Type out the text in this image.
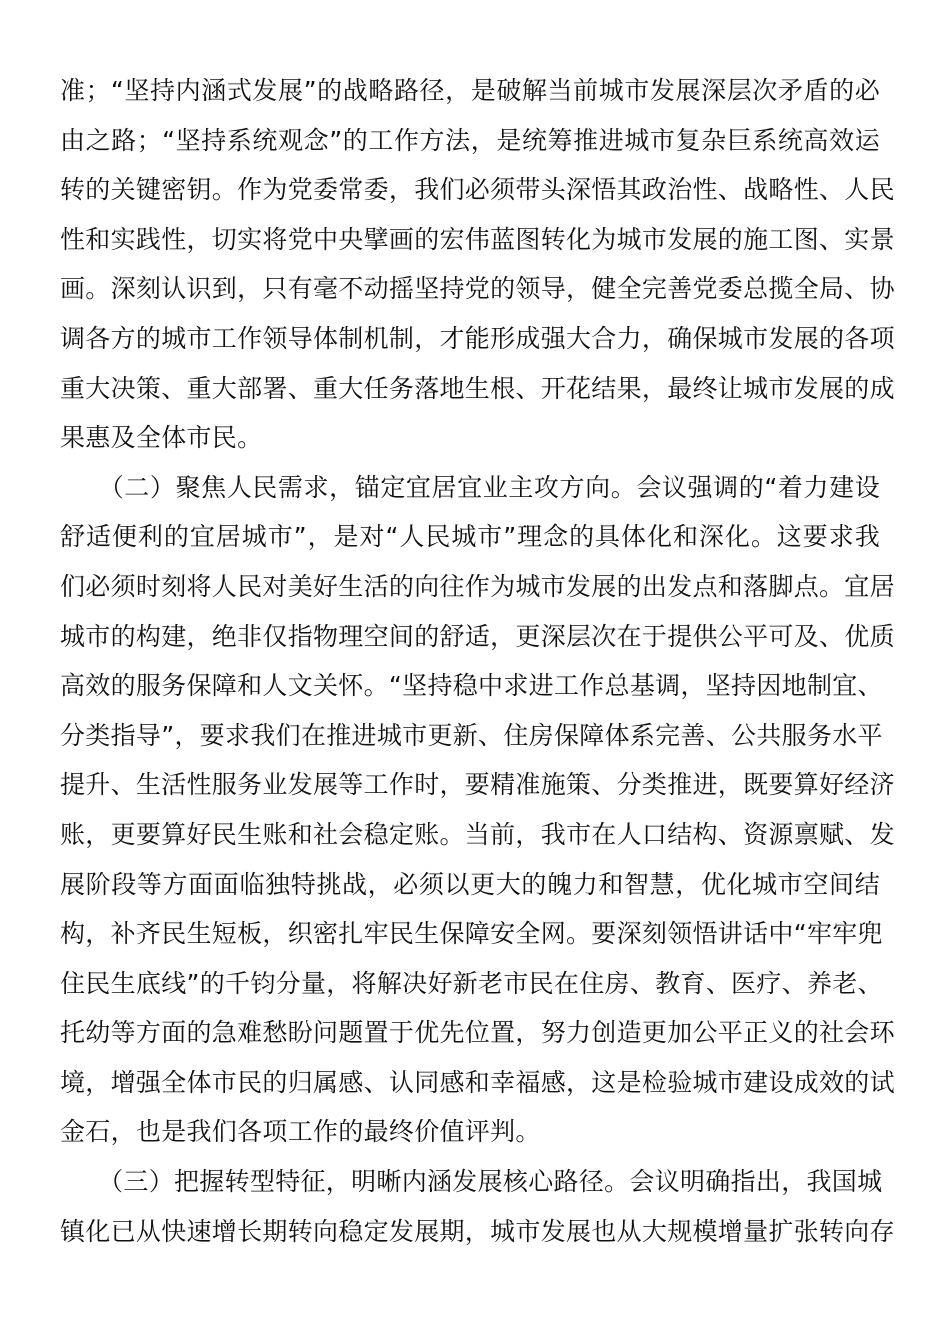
准；“坚持内涵式发展”的战略路径，是破解当前城市发展深层次矛盾的必
由之路；“坚持系统观念”的工作方法，是统筹推进城市复杂巨系统高效运
转的关键密钥。作为党委常委，我们必须带头深悟其政治性、战略性、人民
性和实践性，切实将党中央擘画的宏伟蓝图转化为城市发展的施工图、实景
画。深刻认识到，只有毫不动摇坚持党的领导，健全完善党委总揽全局、协
调各方的城市工作领导体制机制，才能形成强大合力，确保城市发展的各项
重大决策、重大部署、重大任务落地生根、开花结果，最终让城市发展的成
果惠及全体市民。
　　（二）聚焦人民需求，锚定宜居宜业主攻方向。会议强调的“着力建设
舒适便利的宜居城市”，是对“人民城市”理念的具体化和深化。这要求我
们必须时刻将人民对美好生活的向往作为城市发展的出发点和落脚点。宜居
城市的构建，绝非仅指物理空间的舒适，更深层次在于提供公平可及、优质
高效的服务保障和人文关怀。“坚持稳中求进工作总基调，坚持因地制宜、
分类指导”，要求我们在推进城市更新、住房保障体系完善、公共服务水平
提升、生活性服务业发展等工作时，要精准施策、分类推进，既要算好经济
账，更要算好民生账和社会稳定账。当前，我市在人口结构、资源禀赋、发
展阶段等方面面临独特挑战，必须以更大的魄力和智慧，优化城市空间结
构，补齐民生短板，织密扎牢民生保障安全网。要深刻领悟讲话中“牢牢兜
住民生底线”的千钧分量，将解决好新老市民在住房、教育、医疗、养老、
托幼等方面的急难愁盼问题置于优先位置，努力创造更加公平正义的社会环
境，增强全体市民的归属感、认同感和幸福感，这是检验城市建设成效的试
金石，也是我们各项工作的最终价值评判。
　　（三）把握转型特征，明晰内涵发展核心路径。会议明确指出，我国城
镇化已从快速增长期转向稳定发展期，城市发展也从大规模增量扩张转向存
